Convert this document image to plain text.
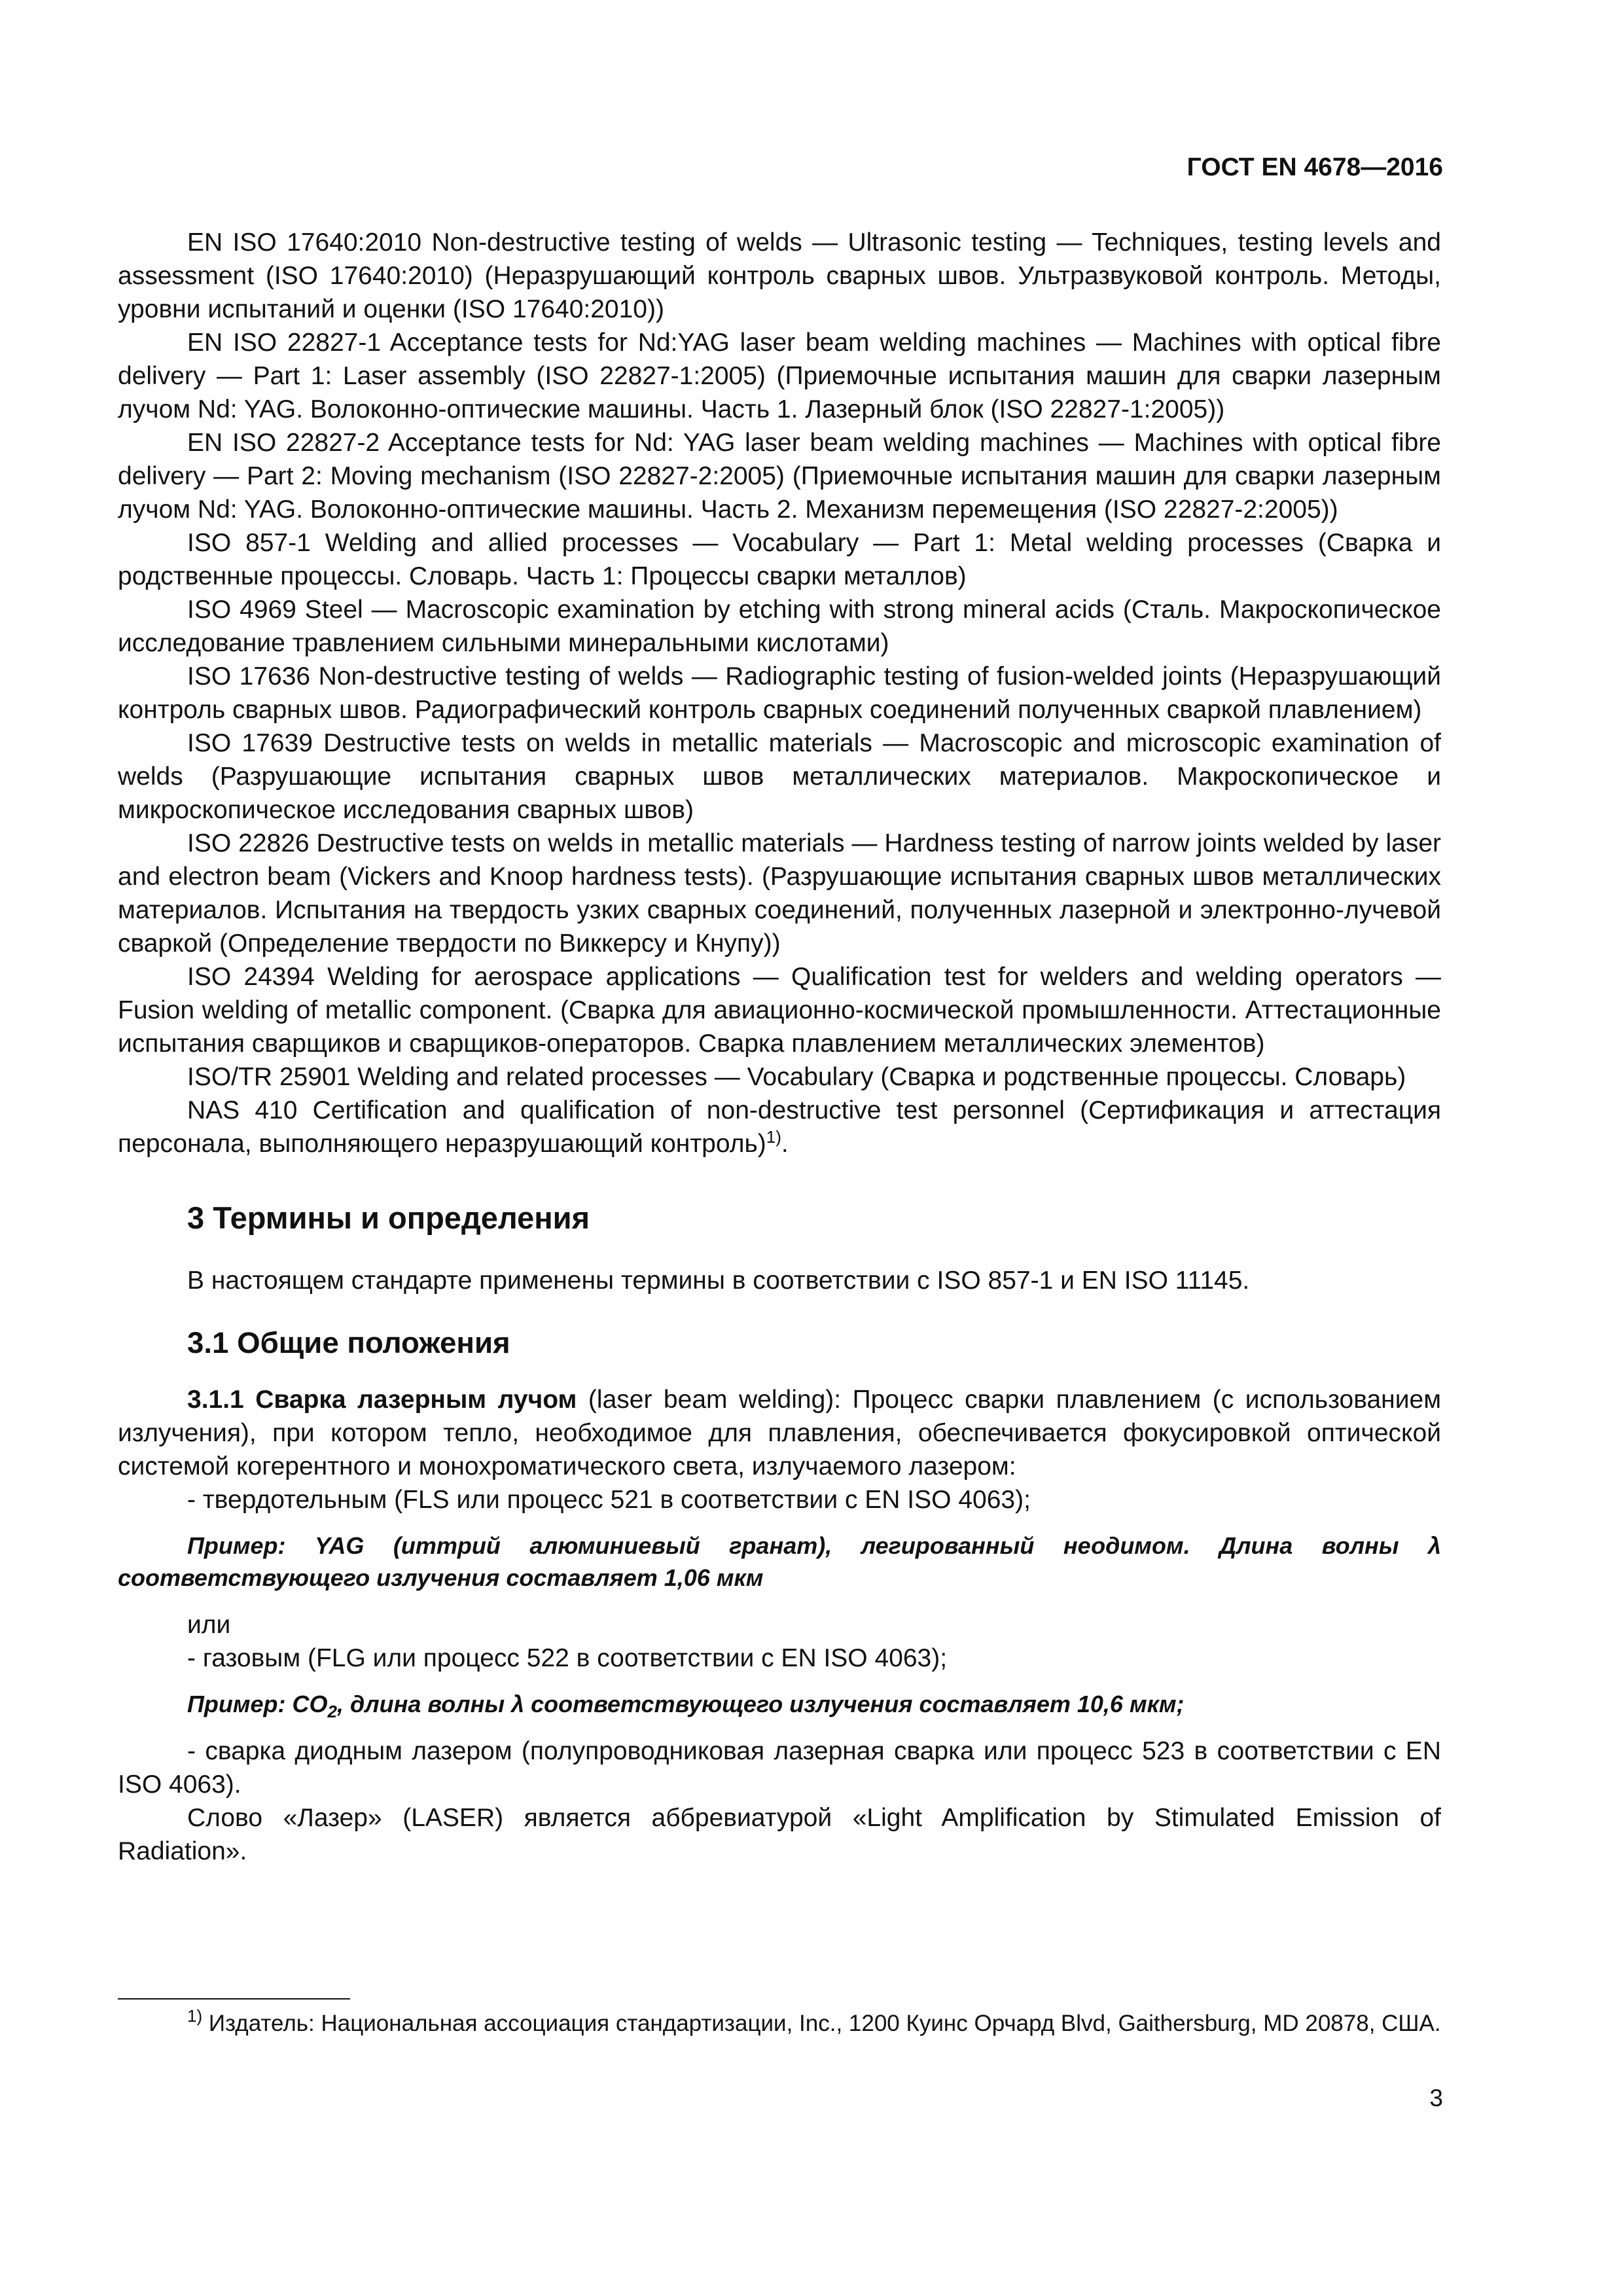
ГОСТ EN 4678—2016

EN ISO 17640:2010 Non-destructive testing of welds — Ultrasonic testing — Techniques, testing levels and assessment (ISO 17640:2010) (Неразрушающий контроль сварных швов. Ультразвуковой контроль. Методы, уровни испытаний и оценки (ISO 17640:2010))

EN ISO 22827-1 Acceptance tests for Nd:YAG laser beam welding machines — Machines with optical fibre delivery — Part 1: Laser assembly (ISO 22827-1:2005) (Приемочные испытания машин для сварки лазерным лучом Nd: YAG. Волоконно-оптические машины. Часть 1. Лазерный блок (ISO 22827-1:2005))

EN ISO 22827-2 Acceptance tests for Nd: YAG laser beam welding machines — Machines with optical fibre delivery — Part 2: Moving mechanism (ISO 22827-2:2005) (Приемочные испытания машин для сварки лазерным лучом Nd: YAG. Волоконно-оптические машины. Часть 2. Механизм перемещения (ISO 22827-2:2005))

ISO 857-1 Welding and allied processes — Vocabulary — Part 1: Metal welding processes (Сварка и родственные процессы. Словарь. Часть 1: Процессы сварки металлов)

ISO 4969 Steel — Macroscopic examination by etching with strong mineral acids (Сталь. Макроскопическое исследование травлением сильными минеральными кислотами)

ISO 17636 Non-destructive testing of welds — Radiographic testing of fusion-welded joints (Неразрушающий контроль сварных швов. Радиографический контроль сварных соединений полученных сваркой плавлением)

ISO 17639 Destructive tests on welds in metallic materials — Macroscopic and microscopic examination of welds (Разрушающие испытания сварных швов металлических материалов. Макроскопическое и микроскопическое исследования сварных швов)

ISO 22826 Destructive tests on welds in metallic materials — Hardness testing of narrow joints welded by laser and electron beam (Vickers and Knoop hardness tests). (Разрушающие испытания сварных швов металлических материалов. Испытания на твердость узких сварных соединений, полученных лазерной и электронно-лучевой сваркой (Определение твердости по Виккерсу и Кнупу))

ISO 24394 Welding for aerospace applications — Qualification test for welders and welding operators — Fusion welding of metallic component. (Сварка для авиационно-космической промышленности. Аттестационные испытания сварщиков и сварщиков-операторов. Сварка плавлением металлических элементов)

ISO/TR 25901 Welding and related processes — Vocabulary (Сварка и родственные процессы. Словарь)

NAS 410 Certification and qualification of non-destructive test personnel (Сертификация и аттестация персонала, выполняющего неразрушающий контроль)$^{1)}$.

3 Термины и определения

В настоящем стандарте применены термины в соответствии с ISO 857-1 и EN ISO 11145.

3.1 Общие положения

3.1.1 Сварка лазерным лучом (laser beam welding): Процесс сварки плавлением (с использованием излучения), при котором тепло, необходимое для плавления, обеспечивается фокусировкой оптической системой когерентного и монохроматического света, излучаемого лазером:

- твердотельным (FLS или процесс 521 в соответствии с EN ISO 4063);

Пример: YAG (иттрий алюминиевый гранат), легированный неодимом. Длина волны λ соответствующего излучения составляет 1,06 мкм

или

- газовым (FLG или процесс 522 в соответствии с EN ISO 4063);

Пример: $CO_2$, длина волны λ соответствующего излучения составляет 10,6 мкм;

- сварка диодным лазером (полупроводниковая лазерная сварка или процесс 523 в соответствии с EN ISO 4063).

Слово «Лазер» (LASER) является аббревиатурой «Light Amplification by Stimulated Emission of Radiation».

$^{1)}$ Издатель: Национальная ассоциация стандартизации, Inc., 1200 Куинс Орчард Blvd, Gaithersburg, MD 20878, США.

3
